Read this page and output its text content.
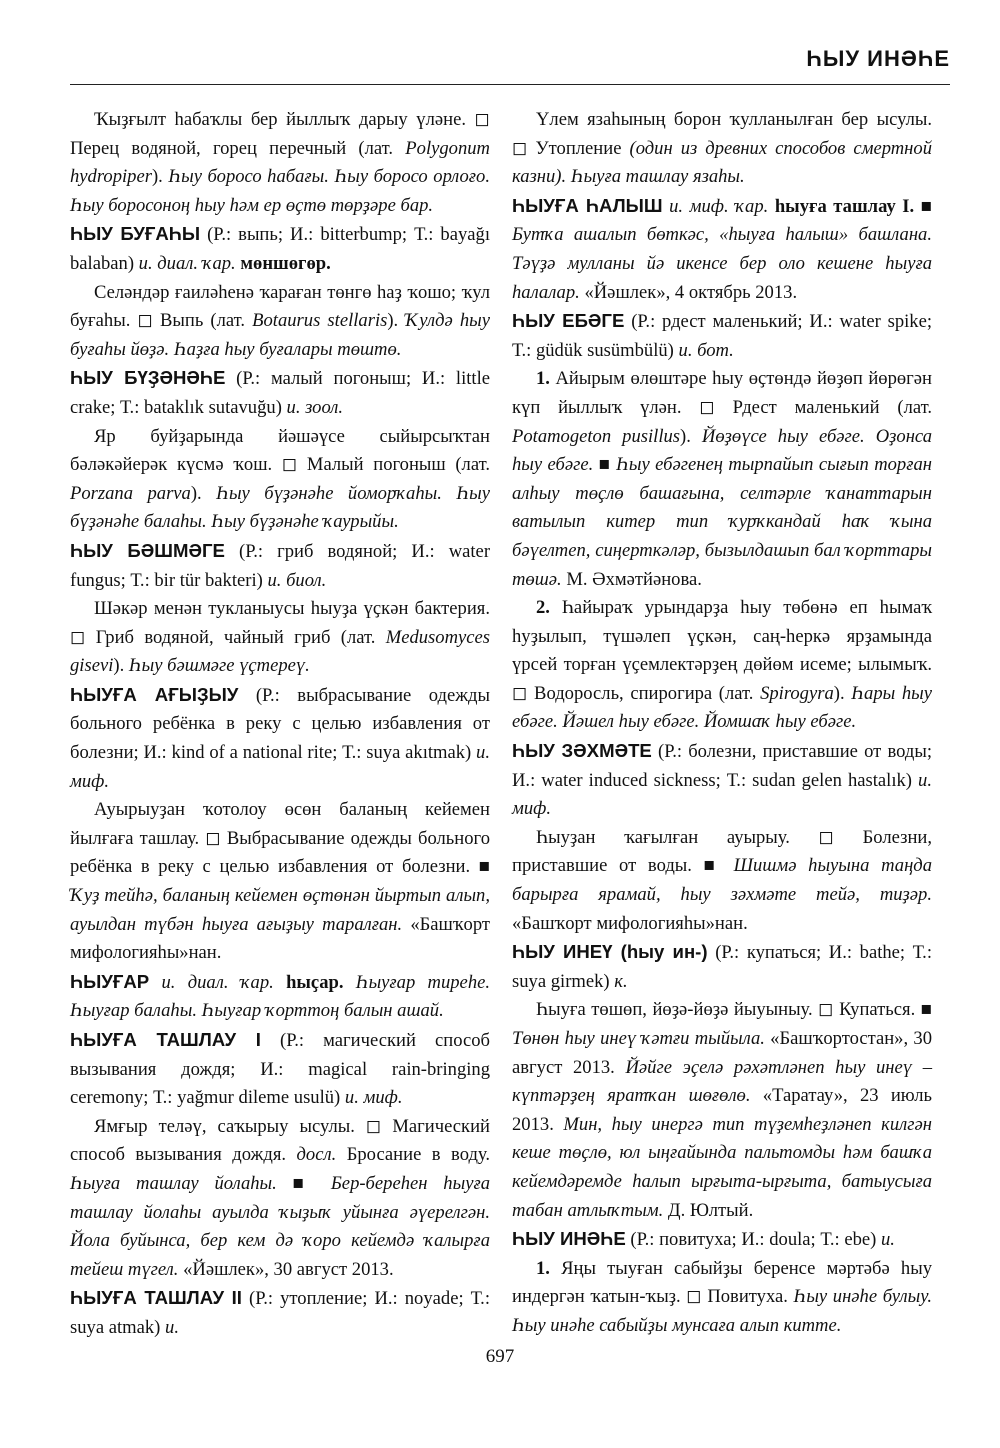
ҺЫУ ИНӘҺЕ

Ҡыҙғылт һабаҡлы бер йыллыҡ дарыу үләнe. ◻ Перец водяной, горец перечный (лат. Polygonum hydropiper). Һыу боросо һабағы. Һыу боросо орлоғо. Һыу боросоноң һыу һәм ер өҫтө төрҙәре бар.

ҺЫУ БУҒАҺЫ (Р.: выпь; И.: bitterbump; Т.: bayağı balaban) и. диал. ҡар. мөншөгөр.

Селәндәр ғаиләһенә ҡараған төнгө һаҙ ҡошо; ҡул буғаһы. ◻ Выпь (лат. Botaurus stellaris). Ҡулдә һыу буғаһы йөҙә. Һаҙға һыу буғалары төштө.

ҺЫУ БҮҘӘНӘҺЕ (Р.: малый погоныш; И.: little crake; Т.: bataklık sutavuğu) и. зоол.

Яр буйҙарында йәшәүсе сыйырсыҡтан бәләкәйерәк күсмә ҡош. ◻ Малый погоныш (лат. Porzana parva). Һыу бүҙәнәһе йоморҡаһы. Һыу бүҙәнәһе балаһы. Һыу бүҙәнәһе ҡаурыйы.

ҺЫУ БӘШМӘГЕ (Р.: гриб водяной; И.: water fungus; Т.: bir tür bakteri) и. биол.

Шәкәр менән тукланыусы һыуҙа үҫкән бактерия. ◻ Гриб водяной, чайный гриб (лат. Medusomyces gisevi). Һыу бәшмәге үҫтереү.

ҺЫУҒА АҒЫҘЫУ (Р.: выбрасывание одежды больного ребёнка в реку с целью избавления от болезни; И.: kind of a national rite; Т.: suya akıtmak) и. миф.

Ауырыуҙан ҡотолоу өсөн баланың кейемен йылғаға ташлау. ◻ Выбрасывание одежды больного ребёнка в реку с целью избавления от болезни. ■ Ҡуҙ тейһә, баланың кейемен өҫтөнән йыртып алып, ауылдан түбән һыуға ағыҙыу таралған. «Башҡорт мифологияһы»нан.

ҺЫУҒАР и. диал. ҡар. һыҫар. Һыуғар тиреһе. Һыуғар балаһы. Һыуғар ҡорттоң балын ашай.

ҺЫУҒА ТАШЛАУ I (Р.: магический способ вызывания дождя; И.: magical rain-bringing ceremony; Т.: yağmur dileme usulü) и. миф.

Ямғыр теләү, саҡырыу ысулы. ◻ Магический способ вызывания дождя. досл. Бросание в воду. Һыуға ташлау йолаһы. ■ Бер-береһен һыуға ташлау йолаһы ауылда ҡыҙыҡ уйынға әүерелгән. Йола буйынса, бер кем дә ҡоро кейемдә ҡалырға тейеш түгел. «Йәшлек», 30 август 2013.

ҺЫУҒА ТАШЛАУ II (Р.: утопление; И.: noyade; Т.: suya atmak) и.

Үлем язаһының борон ҡулланылған бер ысулы. ◻ Утопление (один из древних способов смертной казни). Һыуға ташлау язаһы.

ҺЫУҒА ҺАЛЫШ и. миф. ҡар. һыуға ташлау I. ■ Бутҡа ашалып бөткәс, «һыуға һалыш» башлана. Тәүҙә мулланы йә икенсе бер оло кешене һыуға һалалар. «Йәшлек», 4 октябрь 2013.

ҺЫУ ЕБӘГЕ (Р.: рдест маленький; И.: water spike; Т.: güdük susümbülü) и. бот.

1. Айырым өлөштәре һыу өҫтөндә йөҙөп йөрөгән күп йыллыҡ үлән. ◻ Рдест маленький (лат. Potamogeton pusillus). Йөҙөүсе һыу ебәге. Оҙонса һыу ебәге. ■ Һыу ебәгенең тырпайып сығып торған алһыу төҫлө башағына, селтәрле ҡанаттарын ватылып китер тип ҡурҡкандай һаҡ ҡына бәүелтеп, сиңерткәләр, бызылдашып бал ҡорттары төшә. М. Әхмәтйәнова.

2. Һайыраҡ урындарҙа һыу төбөнә еп һымаҡ һуҙылып, түшәлеп үҫкән, саң-һеркә ярҙамында үрсей торған үҫемлектәрҙең дөйөм исеме; ылымыҡ. ◻ Водоросль, спирогира (лат. Spirogyra). Һары һыу ебәге. Йәшел һыу ебәге. Йомшаҡ һыу ебәге.

ҺЫУ ЗӘХМӘТЕ (Р.: болезни, приставшие от воды; И.: water induced sickness; Т.: sudan gelen hastalık) и. миф.

Һыуҙан ҡағылған ауырыу. ◻ Болезни, приставшие от воды. ■ Шишмә һыуына таңда барырға ярамай, һыу зәхмәте тейә, тиҙәр. «Башҡорт мифологияһы»нан.

ҺЫУ ИНЕҮ (һыу ин-) (Р.: купаться; И.: bathe; Т.: suya girmek) к.

Һыуға төшөп, йөҙә-йөҙә йыуыныу. ◻ Купаться. ■ Төнөн һыу инеү ҡәтғи тыйыла. «Башҡортостан», 30 август 2013. Йәйге эҫелә рәхәтләнеп һыу инеү – күптәрҙең яратҡан шөғөлө. «Таратау», 23 июль 2013. Мин, һыу инергә тип түҙемһеҙләнеп килгән кеше төҫлө, юл ыңғайында пальтомды һәм башҡа кейемдәремде һалып ырғыта-ырғыта, батыусыға табан атлыҡтым. Д. Юлтый.

ҺЫУ ИНӘҺЕ (Р.: повитуха; И.: doula; Т.: ebe) и.

1. Яңы тыуған сабыйҙы беренсе мәртәбә һыу индергән ҡатын-ҡыҙ. ◻ Повитуха. Һыу инәһе булыу. Һыу инәһе сабыйҙы мунсаға алып китте.

697
